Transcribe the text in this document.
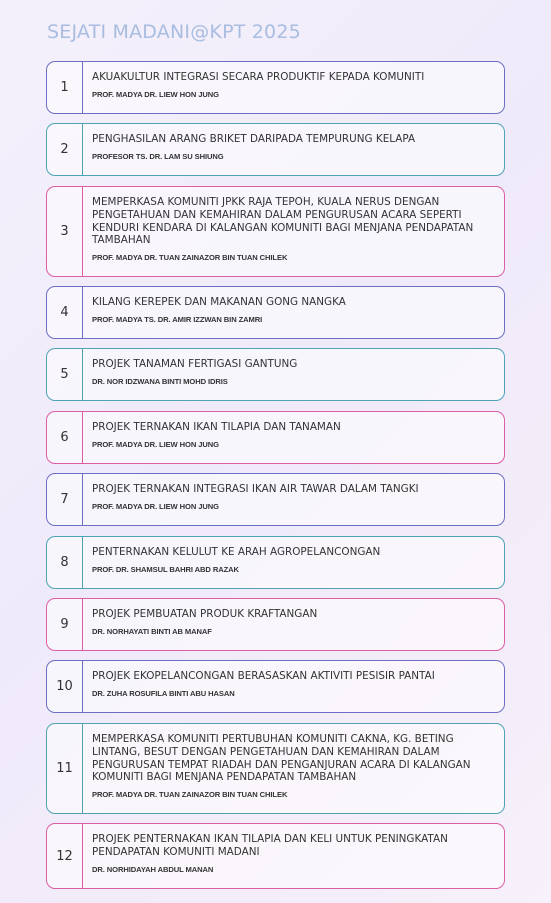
SEJATI MADANI@KPT 2025
1
AKUAKULTUR INTEGRASI SECARA PRODUKTIF KEPADA KOMUNITI
PROF. MADYA DR. LIEW HON JUNG
2
PENGHASILAN ARANG BRIKET DARIPADA TEMPURUNG KELAPA
PROFESOR TS. DR. LAM SU SHIUNG
3
MEMPERKASA KOMUNITI JPKK RAJA TEPOH, KUALA NERUS DENGAN PENGETAHUAN DAN KEMAHIRAN DALAM PENGURUSAN ACARA SEPERTI KENDURI KENDARA DI KALANGAN KOMUNITI BAGI MENJANA PENDAPATAN TAMBAHAN
PROF. MADYA DR. TUAN ZAINAZOR BIN TUAN CHILEK
4
KILANG KEREPEK DAN MAKANAN GONG NANGKA
PROF. MADYA TS. DR. AMIR IZZWAN BIN ZAMRI
5
PROJEK TANAMAN FERTIGASI GANTUNG
DR. NOR IDZWANA BINTI MOHD IDRIS
6
PROJEK TERNAKAN IKAN TILAPIA DAN TANAMAN
PROF. MADYA DR. LIEW HON JUNG
7
PROJEK TERNAKAN INTEGRASI IKAN AIR TAWAR DALAM TANGKI
PROF. MADYA DR. LIEW HON JUNG
8
PENTERNAKAN KELULUT KE ARAH AGROPELANCONGAN
PROF. DR. SHAMSUL BAHRI ABD RAZAK
9
PROJEK PEMBUATAN PRODUK KRAFTANGAN
DR. NORHAYATI BINTI AB MANAF
10
PROJEK EKOPELANCONGAN BERASASKAN AKTIVITI PESISIR PANTAI
DR. ZUHA ROSUFILA BINTI ABU HASAN
11
MEMPERKASA KOMUNITI PERTUBUHAN KOMUNITI CAKNA, KG. BETING LINTANG, BESUT DENGAN PENGETAHUAN DAN KEMAHIRAN DALAM PENGURUSAN TEMPAT RIADAH DAN PENGANJURAN ACARA DI KALANGAN KOMUNITI BAGI MENJANA PENDAPATAN TAMBAHAN
PROF. MADYA DR. TUAN ZAINAZOR BIN TUAN CHILEK
12
PROJEK PENTERNAKAN IKAN TILAPIA DAN KELI UNTUK PENINGKATAN PENDAPATAN KOMUNITI MADANI
DR. NORHIDAYAH ABDUL MANAN
